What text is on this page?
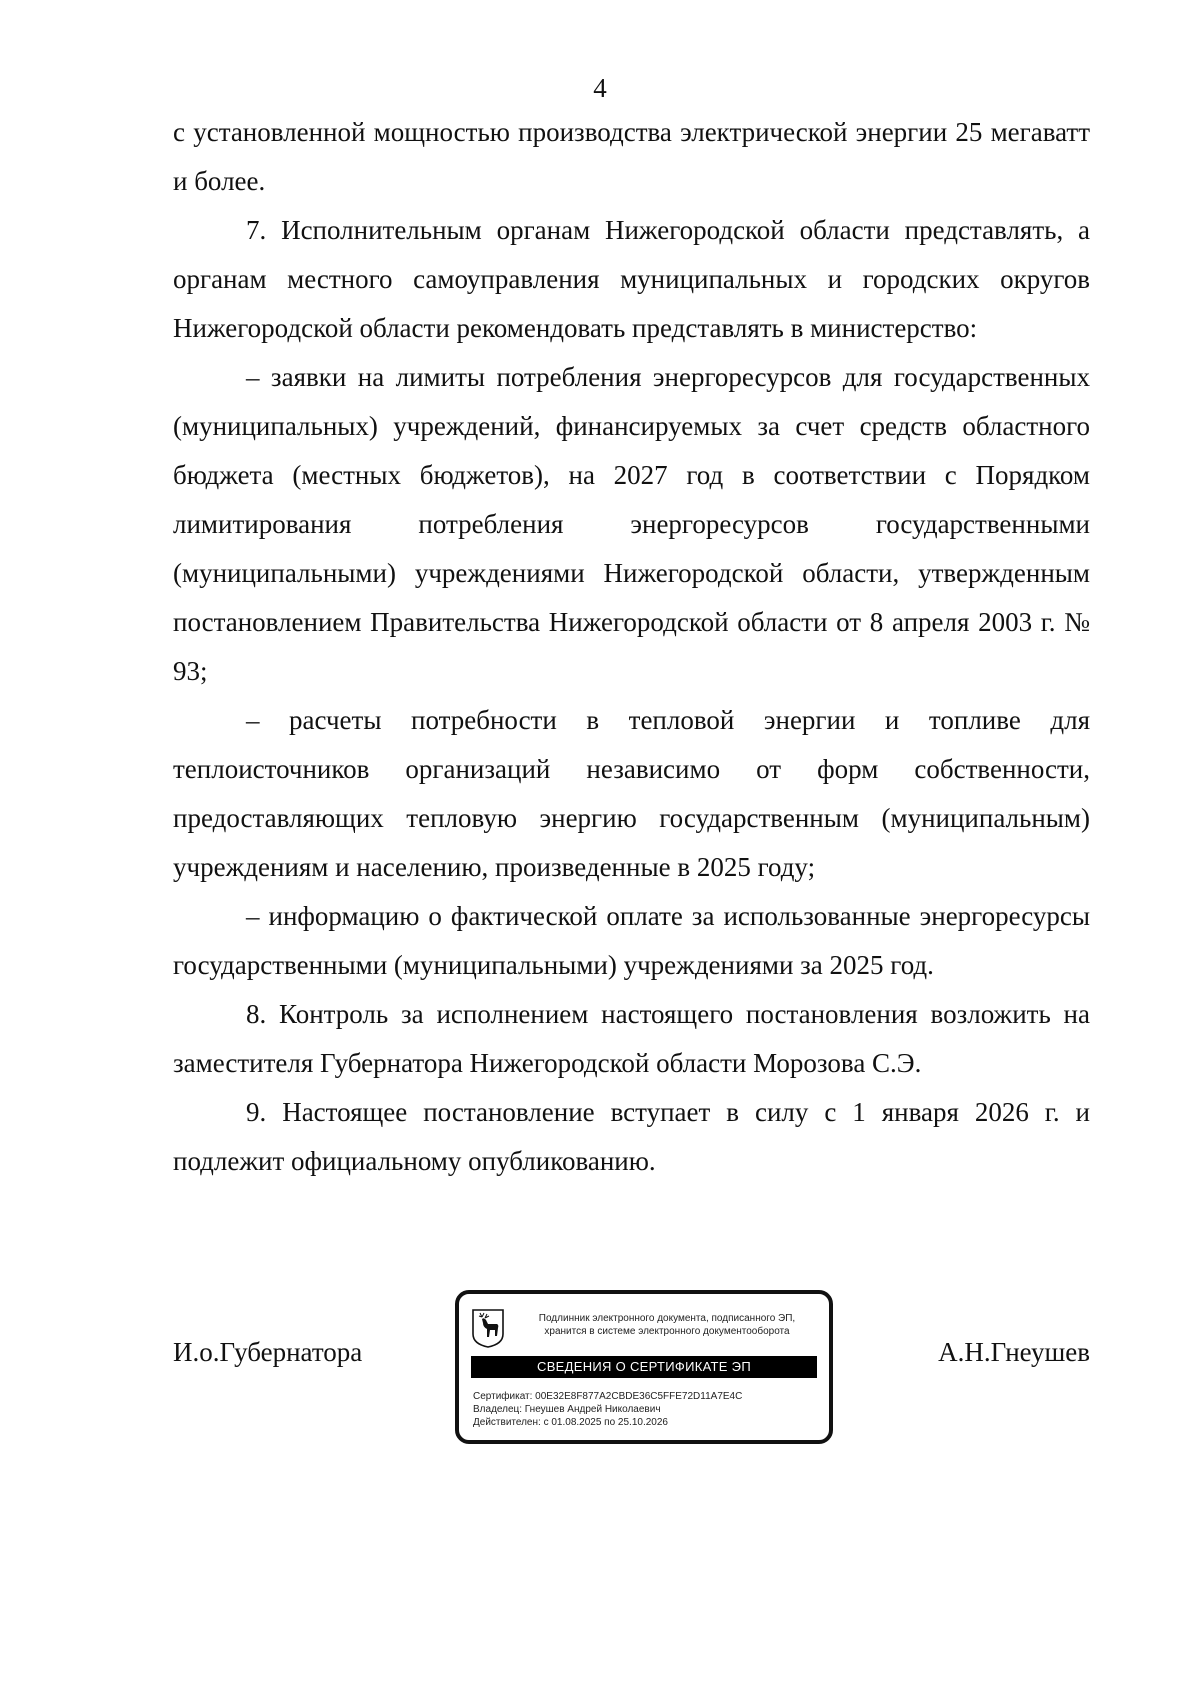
4

с установленной мощностью производства электрической энергии 25 мегаватт и более.

7. Исполнительным органам Нижегородской области представлять, а органам местного самоуправления муниципальных и городских округов Нижегородской области рекомендовать представлять в министерство:

– заявки на лимиты потребления энергоресурсов для государственных (муниципальных) учреждений, финансируемых за счет средств областного бюджета (местных бюджетов), на 2027 год в соответствии с Порядком лимитирования потребления энергоресурсов государственными (муниципальными) учреждениями Нижегородской области, утвержденным постановлением Правительства Нижегородской области от 8 апреля 2003 г. № 93;

– расчеты потребности в тепловой энергии и топливе для теплоисточников организаций независимо от форм собственности, предоставляющих тепловую энергию государственным (муниципальным) учреждениям и населению, произведенные в 2025 году;

– информацию о фактической оплате за использованные энергоресурсы государственными (муниципальными) учреждениями за 2025 год.

8. Контроль за исполнением настоящего постановления возложить на заместителя Губернатора Нижегородской области Морозова С.Э.

9. Настоящее постановление вступает в силу с 1 января 2026 г. и подлежит официальному опубликованию.

И.о.Губернатора
Подлинник электронного документа, подписанного ЭП,
хранится в системе электронного документооборота
СВЕДЕНИЯ О СЕРТИФИКАТЕ ЭП
Сертификат: 00E32E8F877A2CBDE36C5FFE72D11A7E4C
Владелец: Гнеушев Андрей Николаевич
Действителен: с 01.08.2025 по 25.10.2026
А.Н.Гнеушев
